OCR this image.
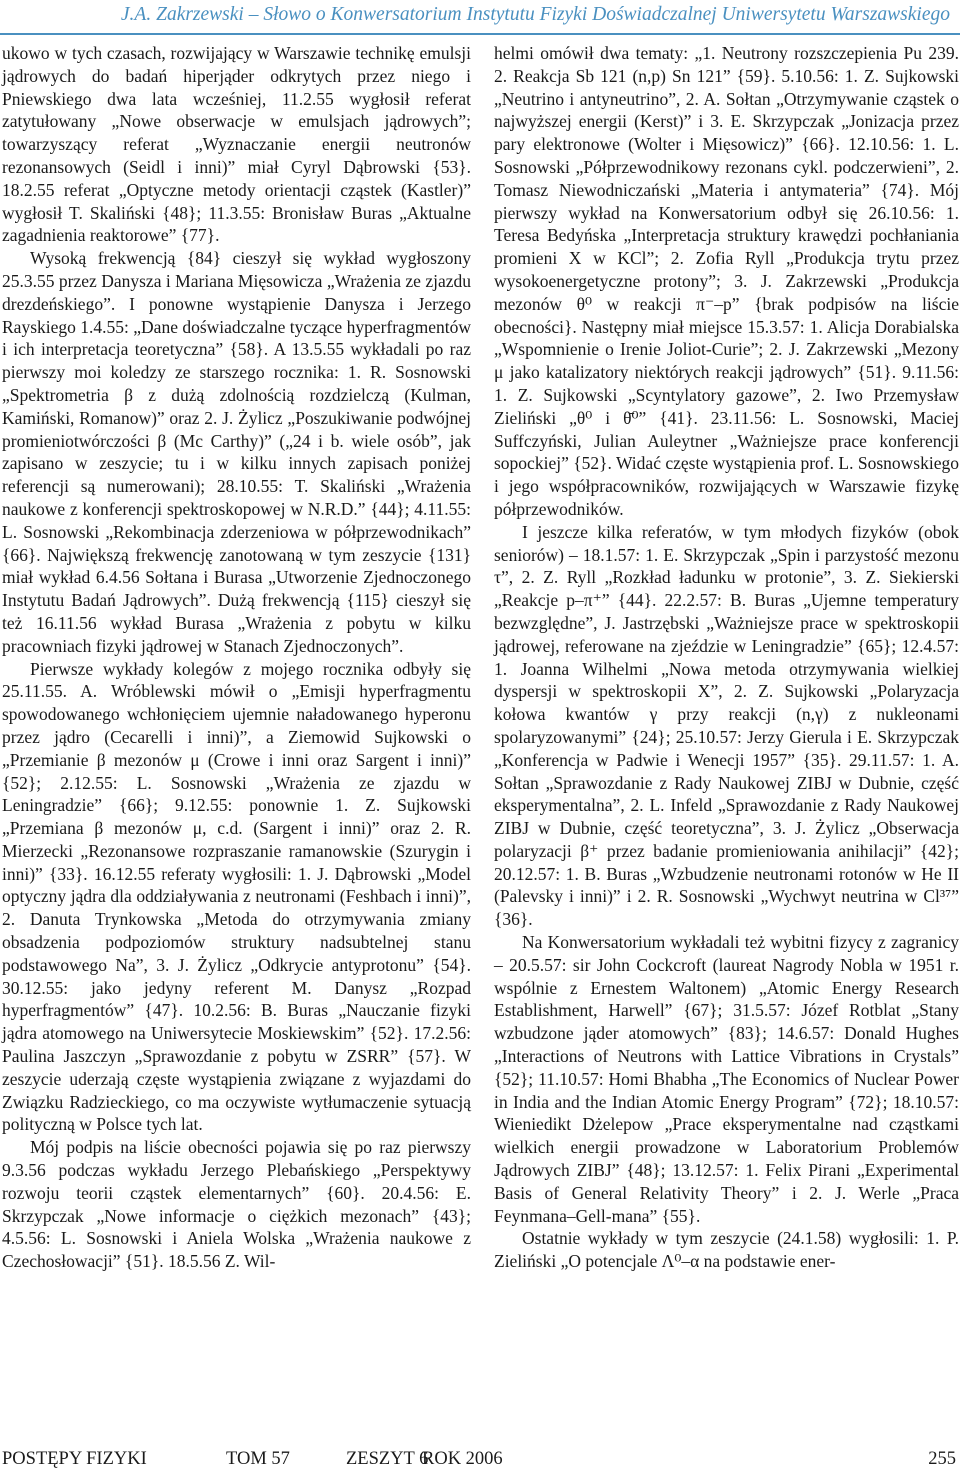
J.A. Zakrzewski – Słowo o Konwersatorium Instytutu Fizyki Doświadczalnej Uniwersytetu Warszawskiego

ukowo w tych czasach, rozwijający w Warszawie technikę emulsji jądrowych do badań hiperjąder odkrytych przez niego i Pniewskiego dwa lata wcześniej, 11.2.55 wygłosił referat zatytułowany „Nowe obserwacje w emulsjach jądrowych”; towarzyszący referat „Wyznaczanie energii neutronów rezonansowych (Seidl i inni)” miał Cyryl Dąbrowski {53}. 18.2.55 referat „Optyczne metody orientacji cząstek (Kastler)” wygłosił T. Skaliński {48}; 11.3.55: Bronisław Buras „Aktualne zagadnienia reaktorowe” {77}.

Wysoką frekwencją {84} cieszył się wykład wygłoszony 25.3.55 przez Danysza i Mariana Mięsowicza „Wrażenia ze zjazdu drezdeńskiego”. I ponowne wystąpienie Danysza i Jerzego Rayskiego 1.4.55: „Dane doświadczalne tyczące hyperfragmentów i ich interpretacja teoretyczna” {58}. A 13.5.55 wykładali po raz pierwszy moi koledzy ze starszego rocznika: 1. R. Sosnowski „Spektrometria β z dużą zdolnością rozdzielczą (Kulman, Kamiński, Romanow)” oraz 2. J. Żylicz „Poszukiwanie podwójnej promieniotwórczości β (Mc Carthy)” („24 i b. wiele osób”, jak zapisano w zeszycie; tu i w kilku innych zapisach poniżej referencji są numerowani); 28.10.55: T. Skaliński „Wrażenia naukowe z konferencji spektroskopowej w N.R.D.” {44}; 4.11.55: L. Sosnowski „Rekombinacja zderzeniowa w półprzewodnikach” {66}. Największą frekwencję zanotowaną w tym zeszycie {131} miał wykład 6.4.56 Sołtana i Burasa „Utworzenie Zjednoczonego Instytutu Badań Jądrowych”. Dużą frekwencją {115} cieszył się też 16.11.56 wykład Burasa „Wrażenia z pobytu w kilku pracowniach fizyki jądrowej w Stanach Zjednoczonych”.

Pierwsze wykłady kolegów z mojego rocznika odbyły się 25.11.55. A. Wróblewski mówił o „Emisji hyperfragmentu spowodowanego wchłonięciem ujemnie naładowanego hyperonu przez jądro (Cecarelli i inni)”, a Ziemowid Sujkowski o „Przemianie β mezonów μ (Crowe i inni oraz Sargent i inni)” {52}; 2.12.55: L. Sosnowski „Wrażenia ze zjazdu w Leningradzie” {66}; 9.12.55: ponownie 1. Z. Sujkowski „Przemiana β mezonów μ, c.d. (Sargent i inni)” oraz 2. R. Mierzecki „Rezonansowe rozpraszanie ramanowskie (Szurygin i inni)” {33}. 16.12.55 referaty wygłosili: 1. J. Dąbrowski „Model optyczny jądra dla oddziaływania z neutronami (Feshbach i inni)”, 2. Danuta Trynkowska „Metoda do otrzymywania zmiany obsadzenia podpoziomów struktury nadsubtelnej stanu podstawowego Na”, 3. J. Żylicz „Odkrycie antyprotonu” {54}. 30.12.55: jako jedyny referent M. Danysz „Rozpad hyperfragmentów” {47}. 10.2.56: B. Buras „Nauczanie fizyki jądra atomowego na Uniwersytecie Moskiewskim” {52}. 17.2.56: Paulina Jaszczyn „Sprawozdanie z pobytu w ZSRR” {57}. W zeszycie uderzają częste wystąpienia związane z wyjazdami do Związku Radzieckiego, co ma oczywiste wytłumaczenie sytuacją polityczną w Polsce tych lat.

Mój podpis na liście obecności pojawia się po raz pierwszy 9.3.56 podczas wykładu Jerzego Plebańskiego „Perspektywy rozwoju teorii cząstek elementarnych” {60}. 20.4.56: E. Skrzypczak „Nowe informacje o ciężkich mezonach” {43}; 4.5.56: L. Sosnowski i Aniela Wolska „Wrażenia naukowe z Czechosłowacji” {51}. 18.5.56 Z. Wil-

helmi omówił dwa tematy: „1. Neutrony rozszczepienia Pu 239. 2. Reakcja Sb 121 (n,p) Sn 121” {59}. 5.10.56: 1. Z. Sujkowski „Neutrino i antyneutrino”, 2. A. Sołtan „Otrzymywanie cząstek o najwyższej energii (Kerst)” i 3. E. Skrzypczak „Jonizacja przez pary elektronowe (Wolter i Mięsowicz)” {66}. 12.10.56: 1. L. Sosnowski „Półprzewodnikowy rezonans cykl. podczerwieni”, 2. Tomasz Niewodniczański „Materia i antymateria” {74}. Mój pierwszy wykład na Konwersatorium odbył się 26.10.56: 1. Teresa Bedyńska „Interpretacja struktury krawędzi pochłaniania promieni X w KCl”; 2. Zofia Ryll „Produkcja trytu przez wysokoenergetyczne protony”; 3. J. Zakrzewski „Produkcja mezonów θ⁰ w reakcji π⁻–p” {brak podpisów na liście obecności}. Następny miał miejsce 15.3.57: 1. Alicja Dorabialska „Wspomnienie o Irenie Joliot-Curie”; 2. J. Zakrzewski „Mezony μ jako katalizatory niektórych reakcji jądrowych” {51}. 9.11.56: 1. Z. Sujkowski „Scyntylatory gazowe”, 2. Iwo Przemysław Zieliński „θ⁰ i θ̄⁰” {41}. 23.11.56: L. Sosnowski, Maciej Suffczyński, Julian Auleytner „Ważniejsze prace konferencji sopockiej” {52}. Widać częste wystąpienia prof. L. Sosnowskiego i jego współpracowników, rozwijających w Warszawie fizykę półprzewodników.

I jeszcze kilka referatów, w tym młodych fizyków (obok seniorów) – 18.1.57: 1. E. Skrzypczak „Spin i parzystość mezonu τ”, 2. Z. Ryll „Rozkład ładunku w protonie”, 3. Z. Siekierski „Reakcje p–π⁺” {44}. 22.2.57: B. Buras „Ujemne temperatury bezwzględne”, J. Jastrzębski „Ważniejsze prace w spektroskopii jądrowej, referowane na zjeździe w Leningradzie” {65}; 12.4.57: 1. Joanna Wilhelmi „Nowa metoda otrzymywania wielkiej dyspersji w spektroskopii X”, 2. Z. Sujkowski „Polaryzacja kołowa kwantów γ przy reakcji (n,γ) z nukleonami spolaryzowanymi” {24}; 25.10.57: Jerzy Gierula i E. Skrzypczak „Konferencja w Padwie i Wenecji 1957” {35}. 29.11.57: 1. A. Sołtan „Sprawozdanie z Rady Naukowej ZIBJ w Dubnie, część eksperymentalna”, 2. L. Infeld „Sprawozdanie z Rady Naukowej ZIBJ w Dubnie, część teoretyczna”, 3. J. Żylicz „Obserwacja polaryzacji β⁺ przez badanie promieniowania anihilacji” {42}; 20.12.57: 1. B. Buras „Wzbudzenie neutronami rotonów w He II (Palevsky i inni)” i 2. R. Sosnowski „Wychwyt neutrina w Cl³⁷” {36}.

Na Konwersatorium wykładali też wybitni fizycy z zagranicy – 20.5.57: sir John Cockcroft (laureat Nagrody Nobla w 1951 r. wspólnie z Ernestem Waltonem) „Atomic Energy Research Establishment, Harwell” {67}; 31.5.57: Józef Rotblat „Stany wzbudzone jąder atomowych” {83}; 14.6.57: Donald Hughes „Interactions of Neutrons with Lattice Vibrations in Crystals” {52}; 11.10.57: Homi Bhabha „The Economics of Nuclear Power in India and the Indian Atomic Energy Program” {72}; 18.10.57: Wieniedikt Dżelepow „Prace eksperymentalne nad cząstkami wielkich energii prowadzone w Laboratorium Problemów Jądrowych ZIBJ” {48}; 13.12.57: 1. Felix Pirani „Experimental Basis of General Relativity Theory” i 2. J. Werle „Praca Feynmana–Gell-mana” {55}.

Ostatnie wykłady w tym zeszycie (24.1.58) wygłosili: 1. P. Zieliński „O potencjale Λ⁰–α na podstawie ener-

POSTĘPY FIZYKI	TOM 57	ZESZYT 6
ROK 2006	255
